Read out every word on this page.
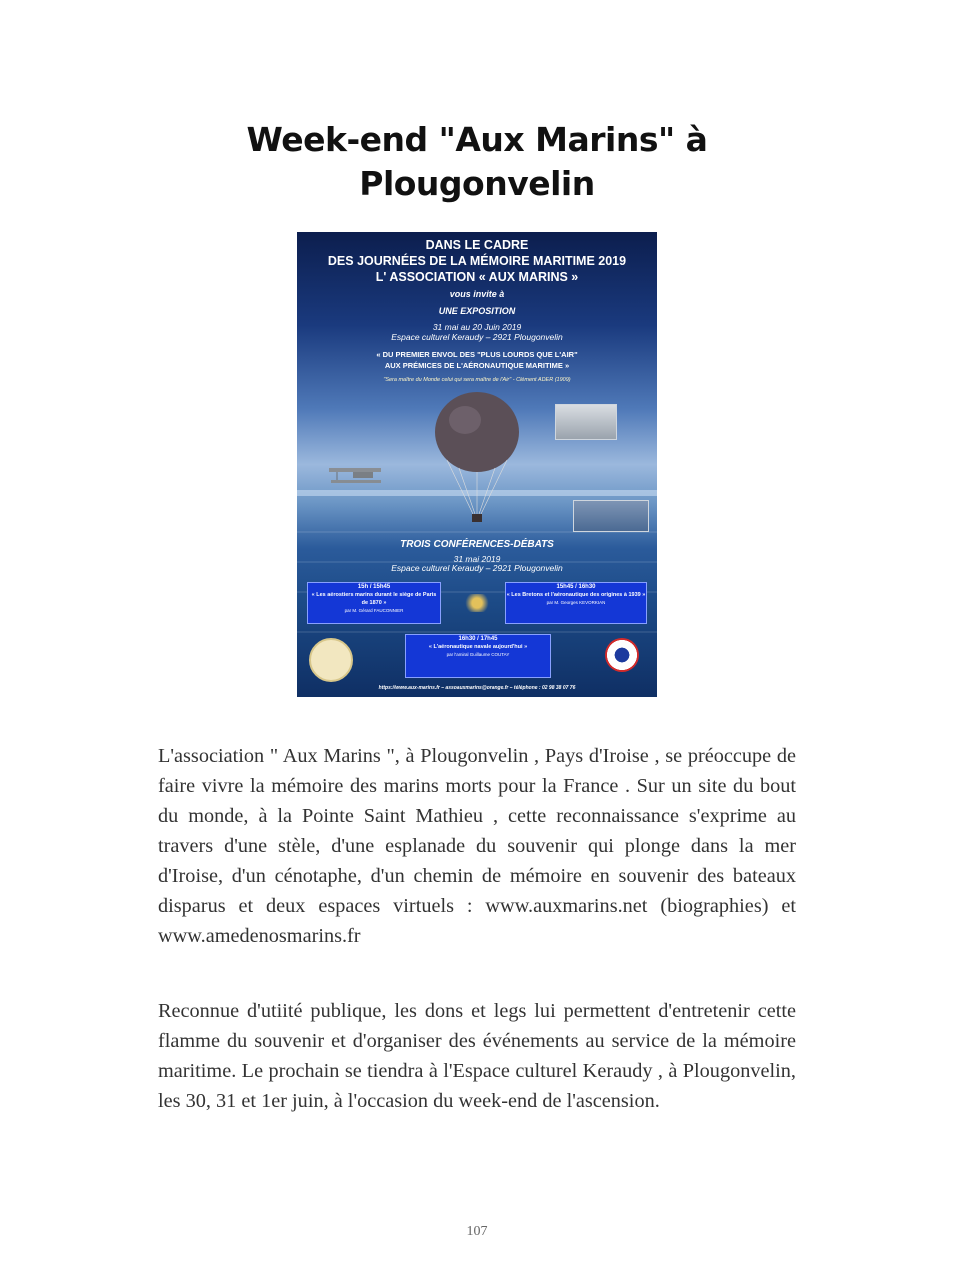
Week-end "Aux Marins" à
Plougonvelin
DANS LE CADRE
DES JOURNÉES DE LA MÉMOIRE MARITIME 2019
L' ASSOCIATION « AUX MARINS »
vous invite à
UNE EXPOSITION
31 mai au 20 Juin 2019
Espace culturel Keraudy – 2921 Plougonvelin
« DU PREMIER ENVOL DES "PLUS LOURDS QUE L'AIR"
AUX PRÉMICES DE L'AÉRONAUTIQUE MARITIME »
"Sera maître du Monde celui qui sera maître de l'Air" - Clément ADER (1909)
TROIS CONFÉRENCES-DÉBATS
31 mai 2019
Espace culturel Keraudy – 2921 Plougonvelin
15h / 15h45
« Les aérostiers marins durant le siège de Paris de 1870 »
par M. Gérard FAUCONNIER
15h45 / 16h30
« Les Bretons et l'aéronautique des origines à 1939 »
par M. Georges KEVORKIAN
16h30 / 17h45
« L'aéronautique navale aujourd'hui »
par l'amiral Guillaume COUTAY
https://www.aux-marins.fr – assoauxmarins@orange.fr – téléphone : 02 98 38 07 76

L'association " Aux Marins ", à Plougonvelin , Pays d'Iroise , se préoccupe de faire vivre la mémoire des marins morts pour la France . Sur un site du bout du monde, à la Pointe Saint Mathieu , cette reconnaissance s'exprime au travers d'une stèle, d'une esplanade du souvenir qui plonge dans la mer d'Iroise, d'un cénotaphe, d'un chemin de mémoire en souvenir des bateaux disparus et deux espaces virtuels : www.auxmarins.net (biographies) et www.amedenosmarins.fr

Reconnue d'utiité publique, les dons et legs lui permettent d'entretenir cette flamme du souvenir et d'organiser des événements au service de la mémoire maritime. Le prochain se tiendra à l'Espace culturel Keraudy , à Plougonvelin, les 30, 31 et 1er juin, à l'occasion du week-end de l'ascension.

107
